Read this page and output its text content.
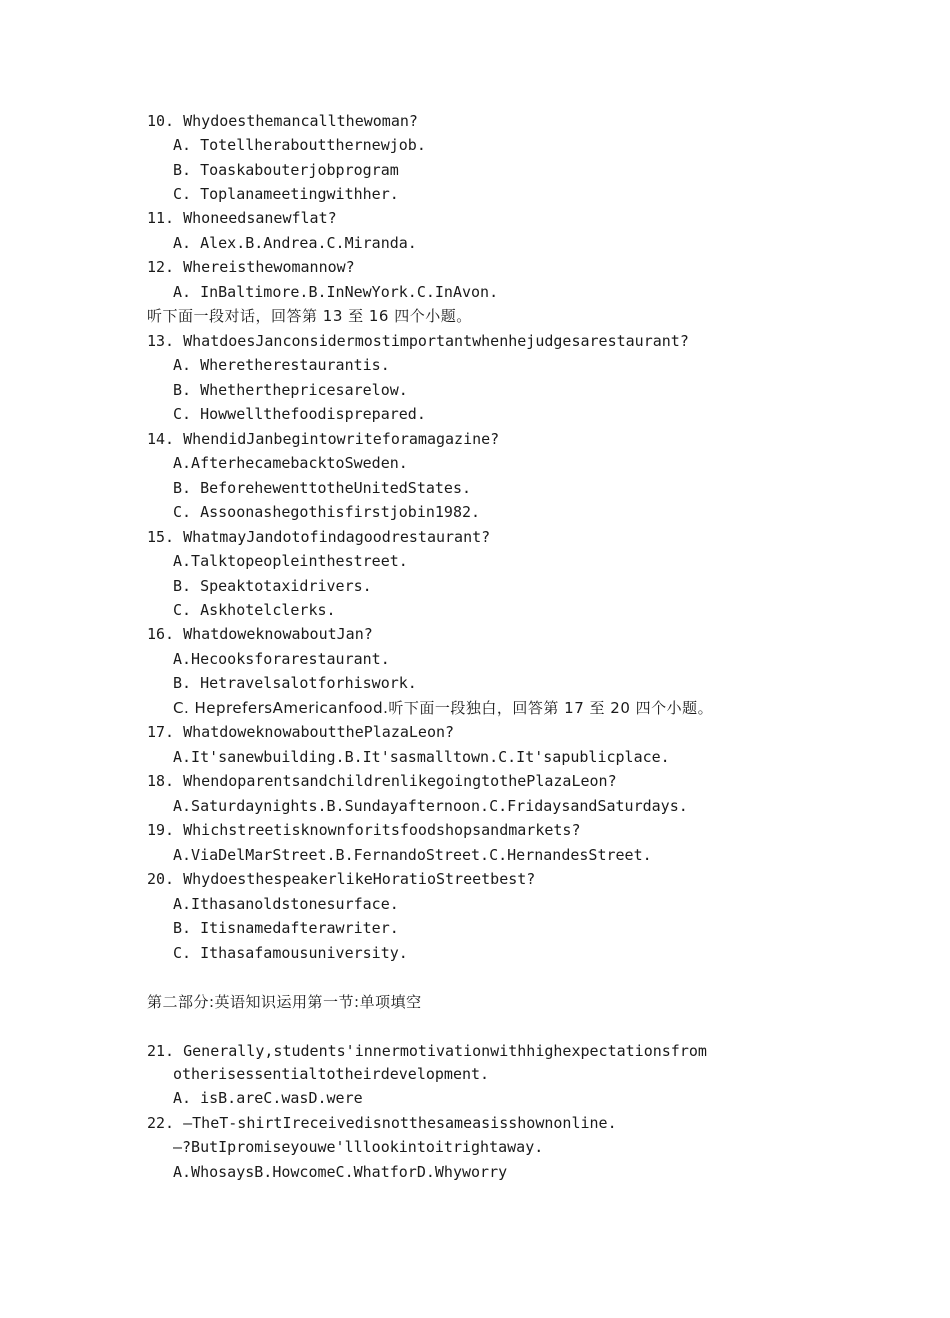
10. Whydoesthemancallthewoman?
A. Totellheraboutthernewjob.
B. Toaskabouterjobprogram
C. Toplanameetingwithher.
11. Whoneedsanewflat?
A. Alex.B.Andrea.C.Miranda.
12. Whereisthewomannow?
A. InBaltimore.B.InNewYork.C.InAvon.
听下面一段对话，回答第 13 至 16 四个小题。
13. WhatdoesJanconsidermostimportantwhenhejudgesarestaurant?
A. Wheretherestaurantis.
B. Whetherthepricesarelow.
C. Howwellthefoodisprepared.
14. WhendidJanbegintowriteforamagazine?
A.AfterhecamebacktoSweden.
B. BeforehewenttotheUnitedStates.
C. Assoonashegothisfirstjobin1982.
15. WhatmayJandotofindagoodrestaurant?
A.Talktopeopleinthestreet.
B. Speaktotaxidrivers.
C. Askhotelclerks.
16. WhatdoweknowaboutJan?
A.Hecooksforarestaurant.
B. Hetravelsalotforhiswork.
C. HeprefersAmericanfood.听下面一段独白，回答第 17 至 20 四个小题。
17. WhatdoweknowaboutthePlazaLeon?
A.It'sanewbuilding.B.It'sasmalltown.C.It'sapublicplace.
18. WhendoparentsandchildrenlikegoingtothePlazaLeon?
A.Saturdaynights.B.Sundayafternoon.C.FridaysandSaturdays.
19. Whichstreetisknownforitsfoodshopsandmarkets?
A.ViaDelMarStreet.B.FernandoStreet.C.HernandesStreet.
20. WhydoesthespeakerlikeHoratioStreetbest?
A.Ithasanoldstonesurface.
B. Itisnamedafterawriter.
C. Ithasafamousuniversity.
第二部分:英语知识运用第一节:单项填空
21. Generally,students'innermotivationwithhighexpectationsfrom
otherisessentialtotheirdevelopment.
A. isB.areC.wasD.were
22. —TheT-shirtIreceivedisnotthesameasisshownonline.
—?ButIpromiseyouwe'lllookintoitrightaway.
A.WhosaysB.HowcomeC.WhatforD.Whyworry
